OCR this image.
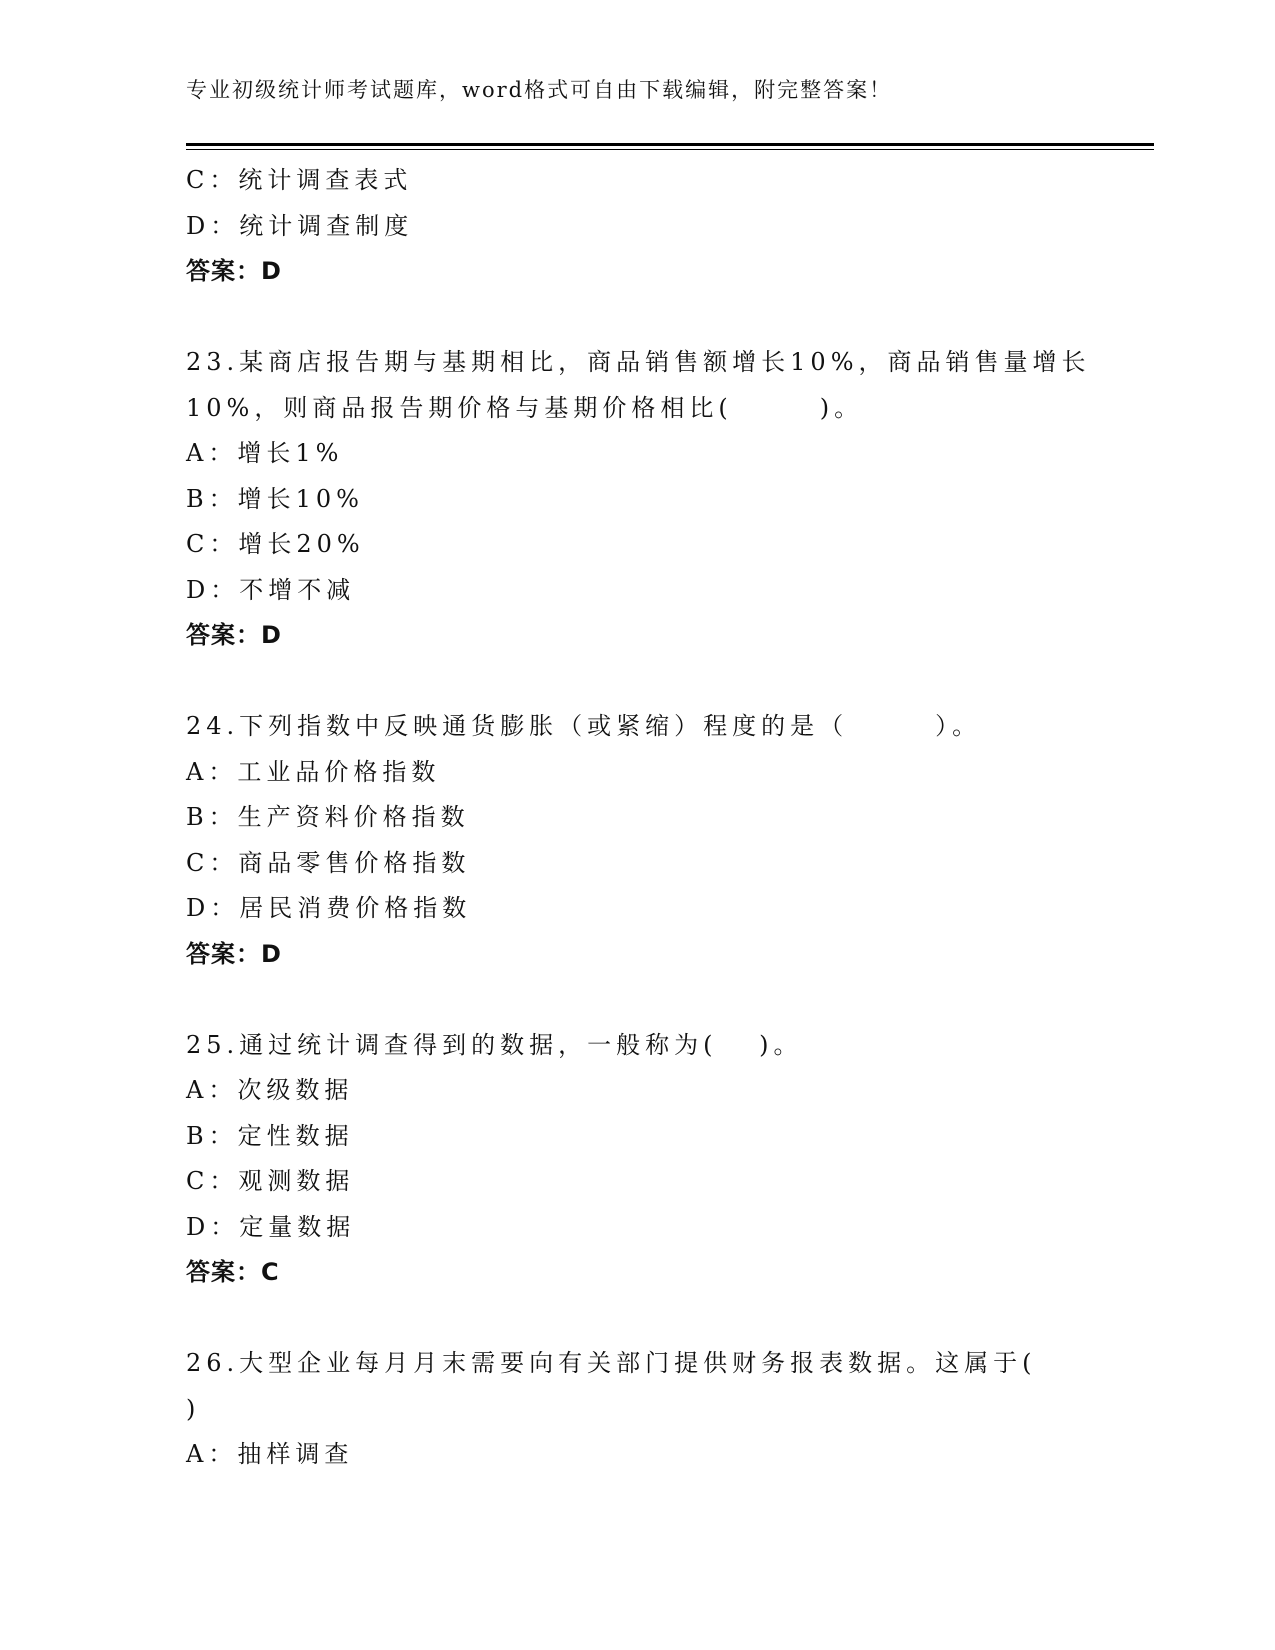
专业初级统计师考试题库，word格式可自由下载编辑，附完整答案！
C：统计调查表式
D：统计调查制度
答案：D
23.某商店报告期与基期相比，商品销售额增长10%，商品销售量增长
10%，则商品报告期价格与基期价格相比(　　　)。
A：增长1%
B：增长10%
C：增长20%
D：不增不减
答案：D
24.下列指数中反映通货膨胀（或紧缩）程度的是（　　　）。
A：工业品价格指数
B：生产资料价格指数
C：商品零售价格指数
D：居民消费价格指数
答案：D
25.通过统计调查得到的数据，一般称为(　 )。
A：次级数据
B：定性数据
C：观测数据
D：定量数据
答案：C
26.大型企业每月月末需要向有关部门提供财务报表数据。这属于(
)
A：抽样调查
